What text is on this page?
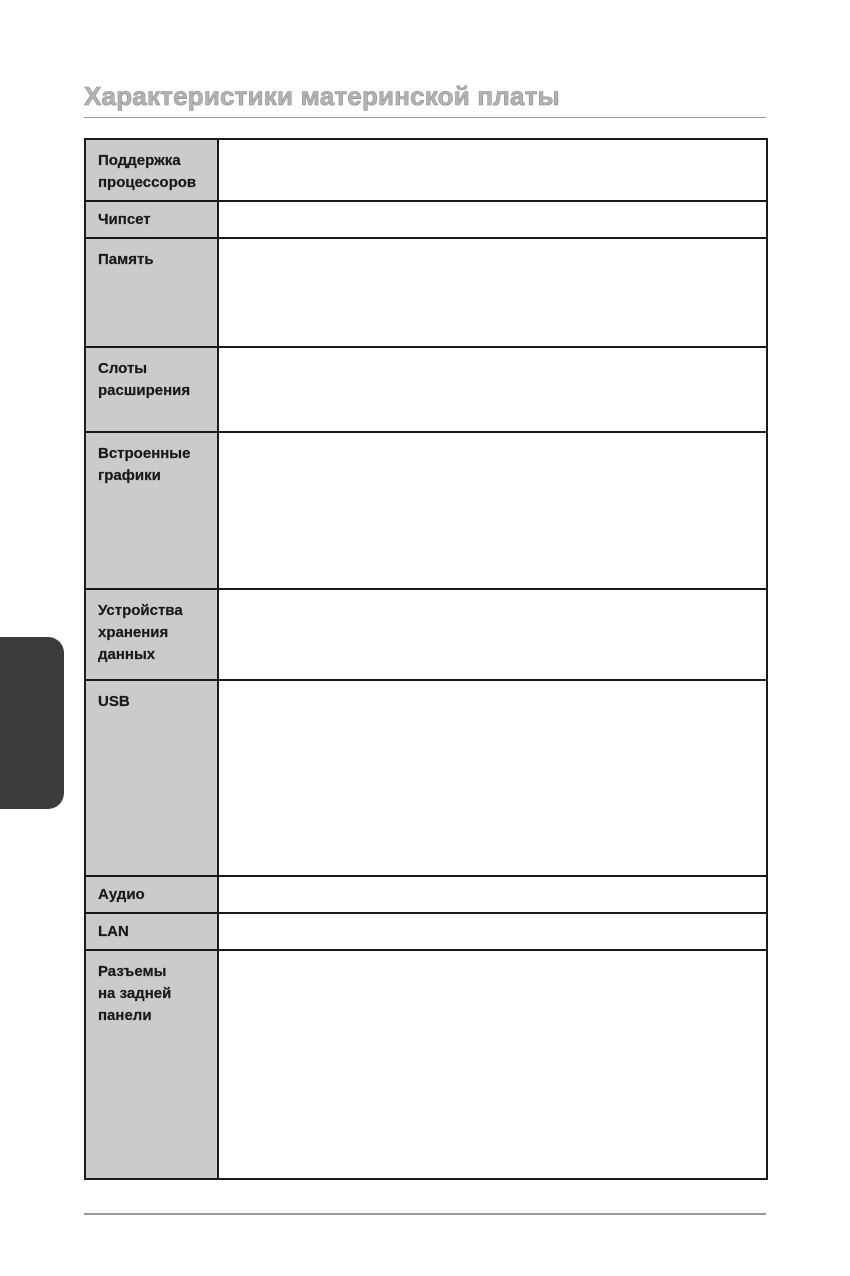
Характеристики материнской платы
Поддержка
процессоров	

Чипсет	

Память	

Слоты
расширения	

Встроенные
графики	

Устройства
хранения
данных	

USB	

Аудио	

LAN	

Разъемы
на задней
панели	
